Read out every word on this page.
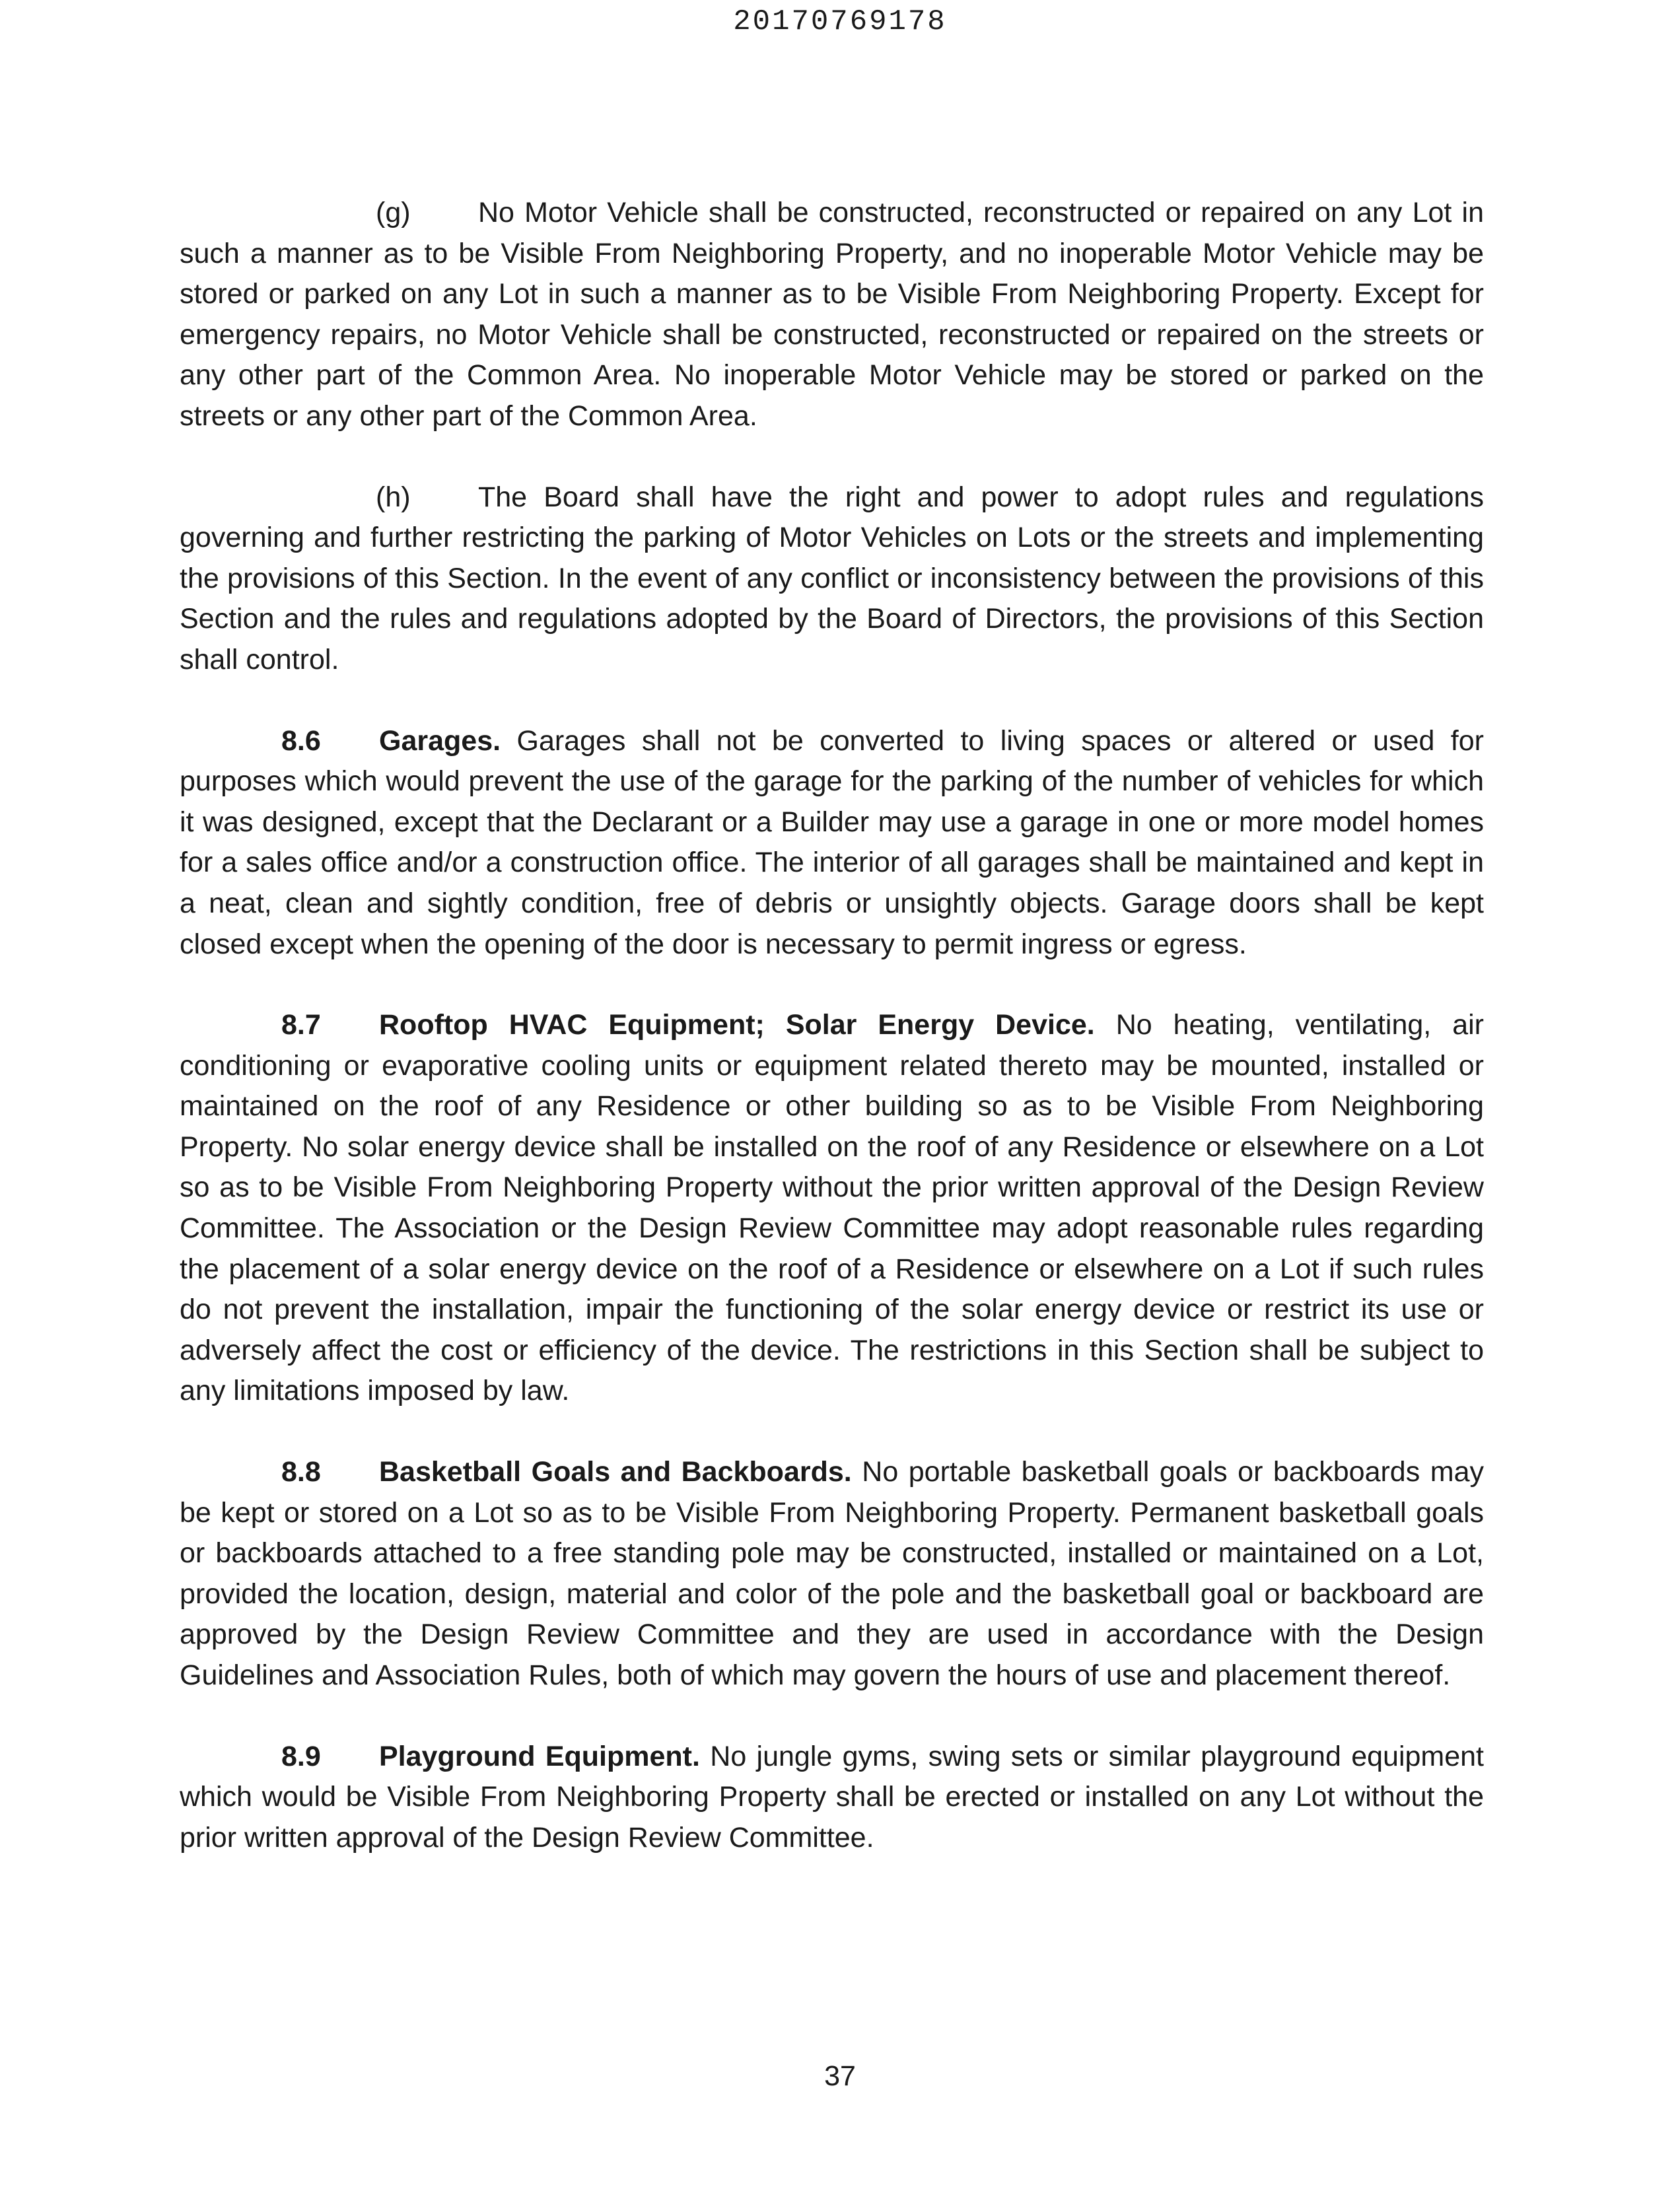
20170769178

(g) No Motor Vehicle shall be constructed, reconstructed or repaired on any Lot in such a manner as to be Visible From Neighboring Property, and no inoperable Motor Vehicle may be stored or parked on any Lot in such a manner as to be Visible From Neighboring Property. Except for emergency repairs, no Motor Vehicle shall be constructed, reconstructed or repaired on the streets or any other part of the Common Area. No inoperable Motor Vehicle may be stored or parked on the streets or any other part of the Common Area.

(h) The Board shall have the right and power to adopt rules and regulations governing and further restricting the parking of Motor Vehicles on Lots or the streets and implementing the provisions of this Section. In the event of any conflict or inconsistency between the provisions of this Section and the rules and regulations adopted by the Board of Directors, the provisions of this Section shall control.

8.6 Garages. Garages shall not be converted to living spaces or altered or used for purposes which would prevent the use of the garage for the parking of the number of vehicles for which it was designed, except that the Declarant or a Builder may use a garage in one or more model homes for a sales office and/or a construction office. The interior of all garages shall be maintained and kept in a neat, clean and sightly condition, free of debris or unsightly objects. Garage doors shall be kept closed except when the opening of the door is necessary to permit ingress or egress.

8.7 Rooftop HVAC Equipment; Solar Energy Device. No heating, ventilating, air conditioning or evaporative cooling units or equipment related thereto may be mounted, installed or maintained on the roof of any Residence or other building so as to be Visible From Neighboring Property. No solar energy device shall be installed on the roof of any Residence or elsewhere on a Lot so as to be Visible From Neighboring Property without the prior written approval of the Design Review Committee. The Association or the Design Review Committee may adopt reasonable rules regarding the placement of a solar energy device on the roof of a Residence or elsewhere on a Lot if such rules do not prevent the installation, impair the functioning of the solar energy device or restrict its use or adversely affect the cost or efficiency of the device. The restrictions in this Section shall be subject to any limitations imposed by law.

8.8 Basketball Goals and Backboards. No portable basketball goals or backboards may be kept or stored on a Lot so as to be Visible From Neighboring Property. Permanent basketball goals or backboards attached to a free standing pole may be constructed, installed or maintained on a Lot, provided the location, design, material and color of the pole and the basketball goal or backboard are approved by the Design Review Committee and they are used in accordance with the Design Guidelines and Association Rules, both of which may govern the hours of use and placement thereof.

8.9 Playground Equipment. No jungle gyms, swing sets or similar playground equipment which would be Visible From Neighboring Property shall be erected or installed on any Lot without the prior written approval of the Design Review Committee.

37
